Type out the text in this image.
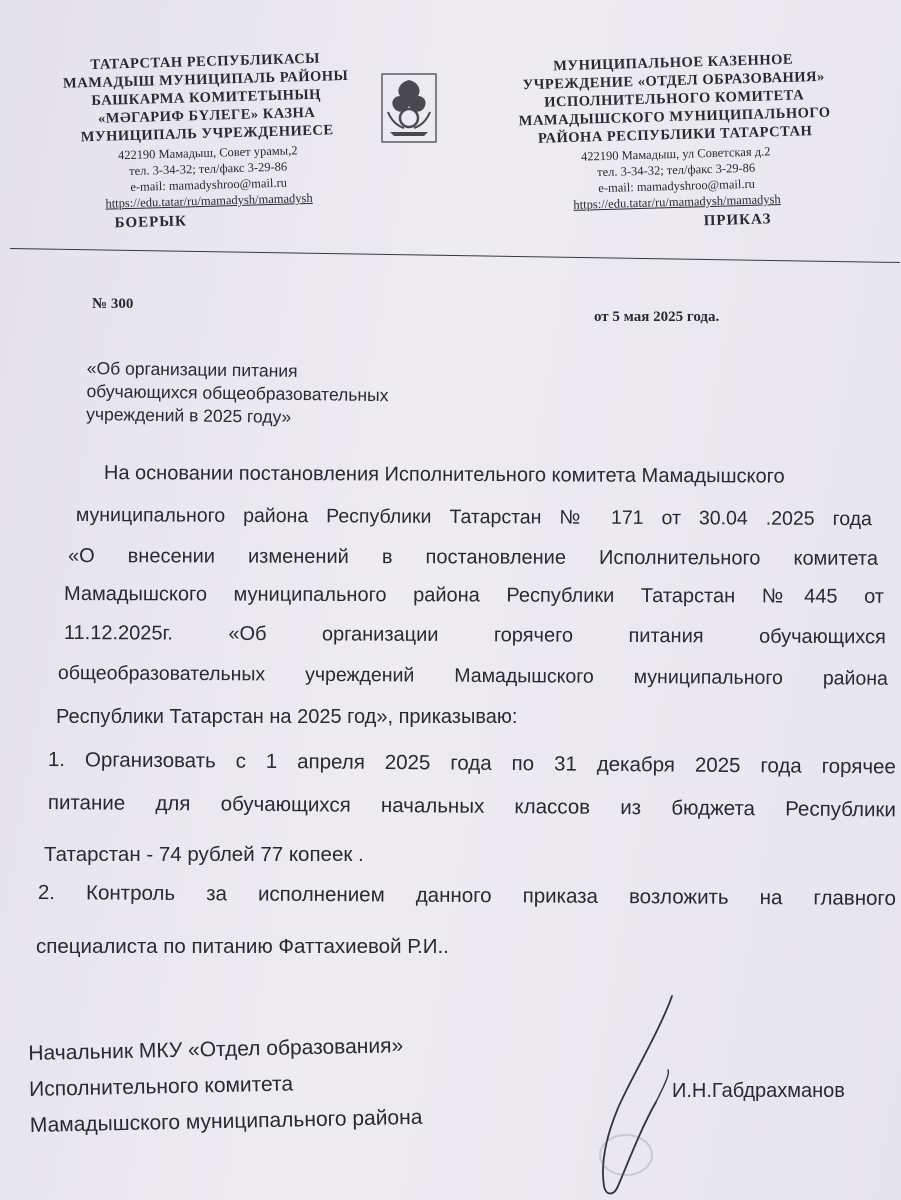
ТАТАРСТАН РЕСПУБЛИКАСЫ
МАМАДЫШ МУНИЦИПАЛЬ РАЙОНЫ
БАШКАРМА КОМИТЕТЫНЫҢ
«МӘГАРИФ БҮЛЕГЕ» КАЗНА
МУНИЦИПАЛЬ УЧРЕЖДЕНИЕСЕ
422190 Мамадыш, Совет урамы,2
тел. 3-34-32; тел/факс 3-29-86
e-mail: mamadyshroo@mail.ru
https://edu.tatar/ru/mamadysh/mamadysh
БОЕРЫК
МУНИЦИПАЛЬНОЕ КАЗЕННОЕ
УЧРЕЖДЕНИЕ «ОТДЕЛ ОБРАЗОВАНИЯ»
ИСПОЛНИТЕЛЬНОГО КОМИТЕТА
МАМАДЫШСКОГО МУНИЦИПАЛЬНОГО
РАЙОНА РЕСПУБЛИКИ ТАТАРСТАН
422190 Мамадыш, ул Советская д.2
тел. 3-34-32; тел/факс 3-29-86
e-mail: mamadyshroo@mail.ru
https://edu.tatar/ru/mamadysh/mamadysh
ПРИКАЗ
№ 300
от 5 мая 2025 года.
«Об организации питания
обучающихся общеобразовательных
учреждений в 2025 году»
На основании постановления Исполнительного комитета Мамадышского
муниципального района Республики Татарстан № 171 от 30.04 .2025 года
«О внесении изменений в постановление Исполнительного комитета
Мамадышского муниципального района Республики Татарстан №445 от
11.12.2025г. «Об организации горячего питания обучающихся
общеобразовательных учреждений Мамадышского муниципального района
Республики Татарстан на 2025 год», приказываю:
1. Организовать с 1 апреля 2025 года по 31 декабря 2025 года горячее
питание для обучающихся начальных классов из бюджета Республики
Татарстан - 74 рублей 77 копеек .
2. Контроль за исполнением данного приказа возложить на главного
специалиста по питанию Фаттахиевой Р.И..
Начальник МКУ «Отдел образования»
Исполнительного комитета
Мамадышского муниципального района
И.Н.Габдрахманов
